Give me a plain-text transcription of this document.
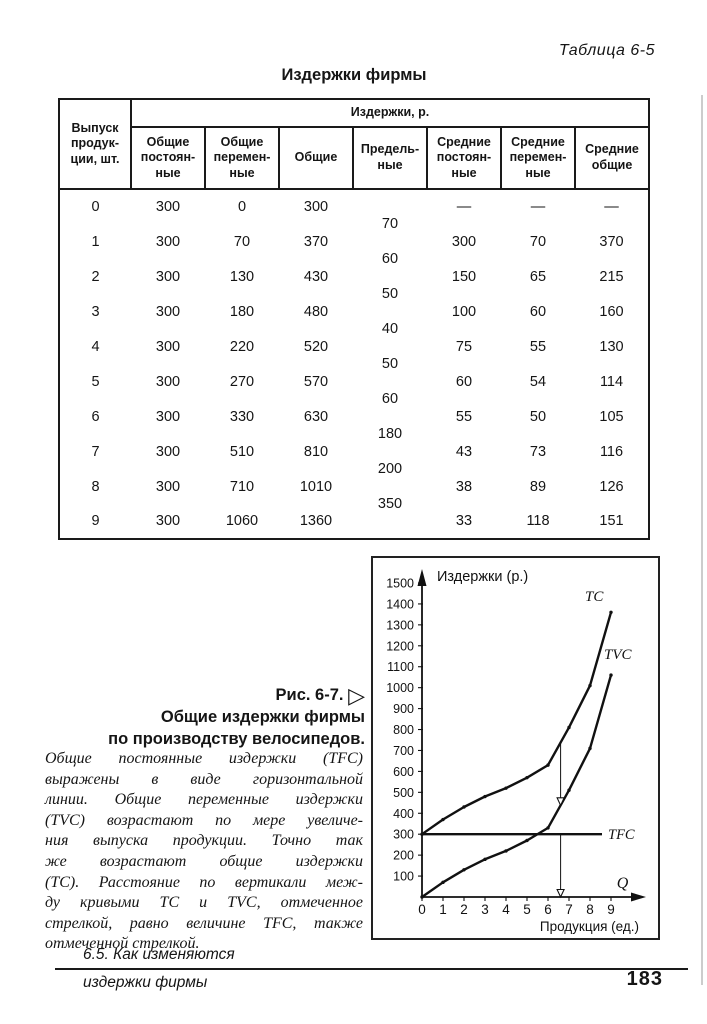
Таблица 6-5
Издержки фирмы
Выпуск продук-ции, шт.	Издержки, р.						
	Общие постоян-ные	Общие перемен-ные	Общие	Предель-ные	Средние постоян-ные	Средние перемен-ные	Средние общие
0	300	0	300	70	—	—	—
1	300	70	370	60	300	70	370
2	300	130	430	50	150	65	215
3	300	180	480	40	100	60	160
4	300	220	520	50	75	55	130
5	300	270	570	60	60	54	114
6	300	330	630	180	55	50	105
7	300	510	810	200	43	73	116
8	300	710	1010	350	38	89	126
9	300	1060	1360		33	118	151
Рис. 6-7. ▷
Общие издержки фирмы
по производству велосипедов.
Общие постоянные издержки (TFC)
выражены в виде горизонтальной
линии. Общие переменные издержки
(TVC) возрастают по мере увеличе-
ния выпуска продукции. Точно так
же возрастают общие издержки
(ТС). Расстояние по вертикали меж-
ду кривыми ТС и TVC, отмеченное
стрелкой, равно величине TFC, также
отмеченной стрелкой.
100
200
300
400
500
600
700
800
900
1000
1100
1200
1300
1400
1500
0 1 2 3 4 5 6 7 8 9
TC
TVC
TFC
Издержки (р.)
Продукция (ед.)
Q
6.5. Как изменяются
издержки фирмы	183
